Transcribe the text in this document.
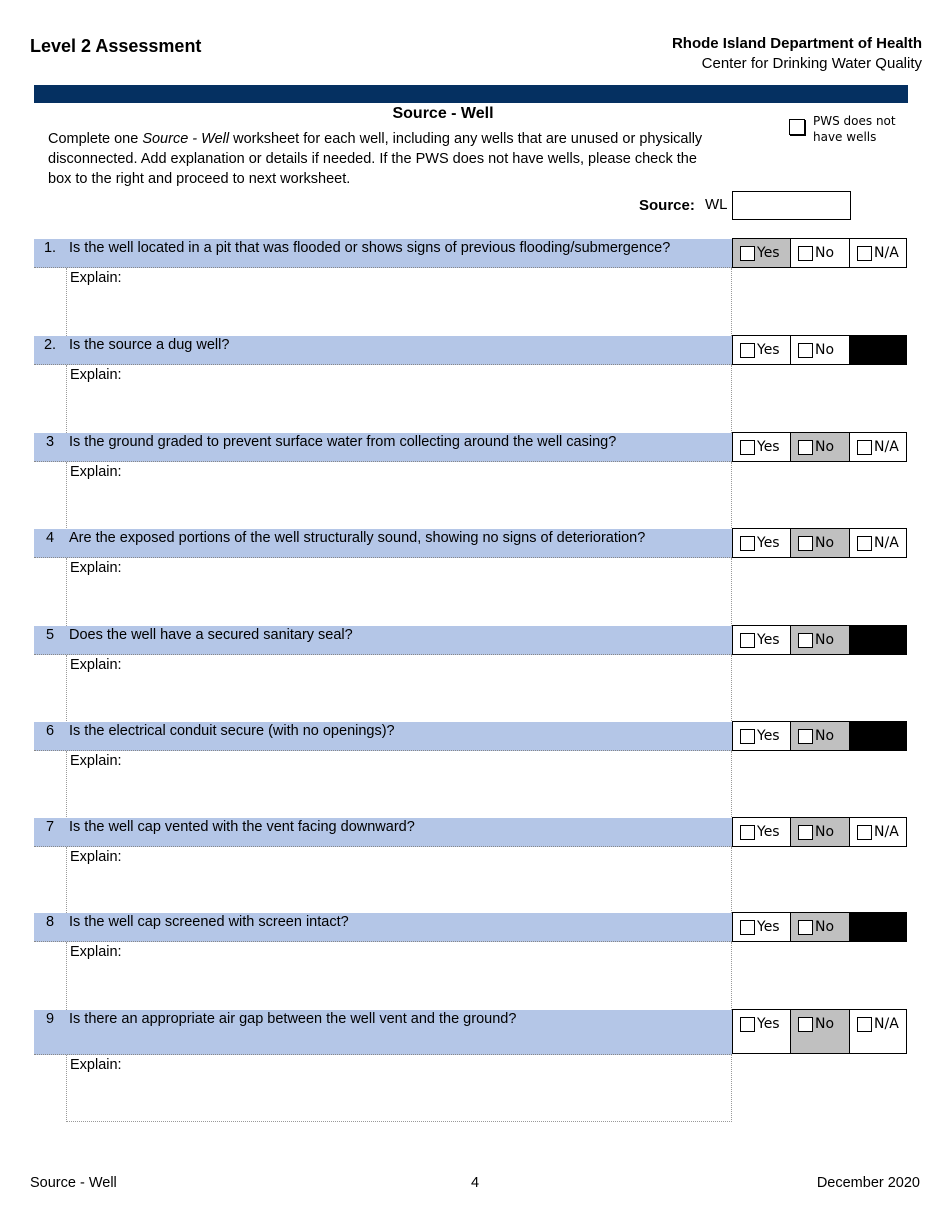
Level 2 Assessment	Rhode Island Department of Health
Center for Drinking Water Quality
Source - Well
Complete one Source - Well worksheet for each well, including any wells that are unused or physically disconnected. Add explanation or details if needed. If the PWS does not have wells, please check the box to the right and proceed to next worksheet.
PWS does not have wells
Source: WL
1. Is the well located in a pit that was flooded or shows signs of previous flooding/submergence?	Yes	No	N/A
Explain:
2. Is the source a dug well?	Yes	No
Explain:
3	Is the ground graded to prevent surface water from collecting around the well casing?	Yes	No	N/A
Explain:
4	Are the exposed portions of the well structurally sound, showing no signs of deterioration?	Yes	No	N/A
Explain:
5	Does the well have a secured sanitary seal?	Yes	No
Explain:
6	Is the electrical conduit secure (with no openings)?	Yes	No
Explain:
7	Is the well cap vented with the vent facing downward?	Yes	No	N/A
Explain:
8	Is the well cap screened with screen intact?	Yes	No
Explain:
9	Is there an appropriate air gap between the well vent and the ground?	Yes	No	N/A
Explain:
Source - Well	4	December 2020
